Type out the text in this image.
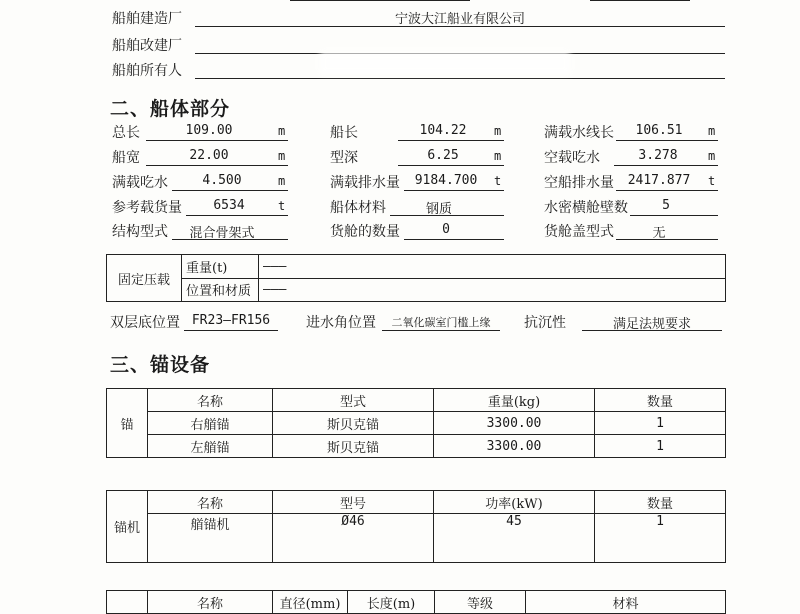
船舶建造厂	宁波大江船业有限公司
船舶改建厂
船舶所有人
二、船体部分
总长	109.00	m	船长	104.22	m	满载水线长	106.51	m
船宽	22.00	m	型深	6.25	m	空载吃水	3.278	m
满载吃水	4.500	m	满载排水量	9184.700	t	空船排水量	2417.877	t
参考载货量	6534	t	船体材料	钢质	水密横舱壁数	5
结构型式	混合骨架式	货舱的数量	0	货舱盖型式	无
固定压载	重量(t)	———
	位置和材质	———
双层底位置 FR23—FR156	进水角位置	二氧化碳室门槛上缘	抗沉性	满足法规要求
三、锚设备
锚	名称	型式	重量(kg)	数量
	右艏锚	斯贝克锚	3300.00	1
	左艏锚	斯贝克锚	3300.00	1
锚机	名称	型号	功率(kW)	数量
	艏锚机	Ø46	45	1
	名称	直径(mm)	长度(m)	等级	材料
